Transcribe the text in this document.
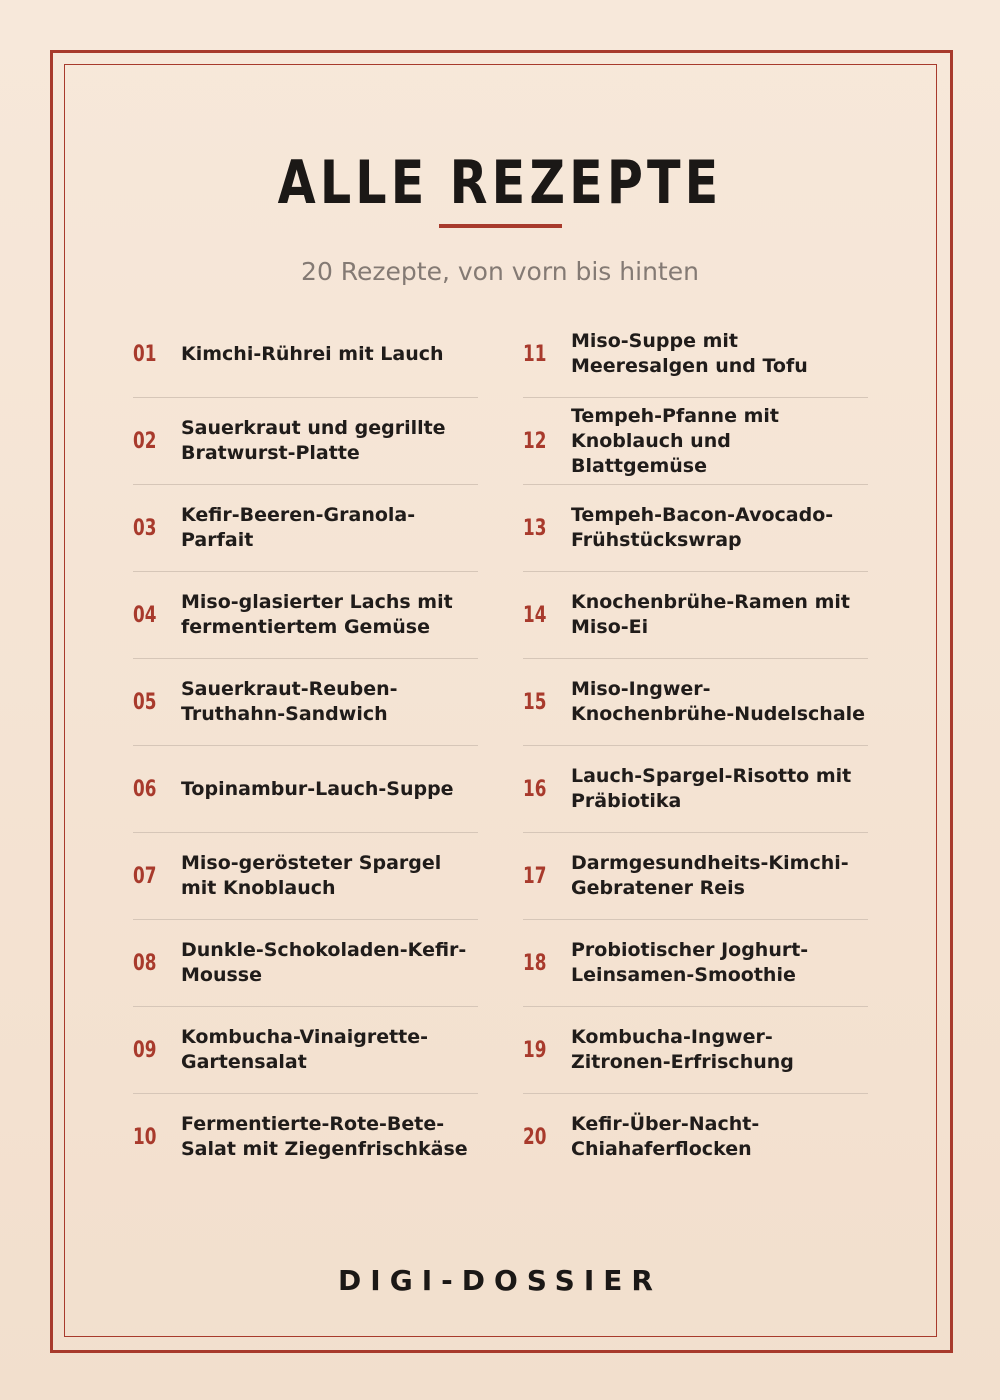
ALLE REZEPTE
20 Rezepte, von vorn bis hinten
01	Kimchi-Rührei mit Lauch
02
Sauerkraut und gegrillte Bratwurst-Platte
03
Kefir-Beeren-Granola-Parfait
04
Miso-glasierter Lachs mit fermentiertem Gemüse
05
Sauerkraut-Reuben-Truthahn-Sandwich
06	Topinambur-Lauch-Suppe
07
Miso-gerösteter Spargel mit Knoblauch
08
Dunkle-Schokoladen-Kefir-Mousse
09
Kombucha-Vinaigrette-Gartensalat
10
Fermentierte-Rote-Bete-Salat mit Ziegenfrischkäse
11
Miso-Suppe mit Meeresalgen und Tofu
12
Tempeh-Pfanne mit Knoblauch und Blattgemüse
13
Tempeh-Bacon-Avocado-Frühstückswrap
14
Knochenbrühe-Ramen mit Miso-Ei
15
Miso-Ingwer-Knochenbrühe-Nudelschale
16
Lauch-Spargel-Risotto mit Präbiotika
17
Darmgesundheits-Kimchi-Gebratener Reis
18
Probiotischer Joghurt-Leinsamen-Smoothie
19
Kombucha-Ingwer-Zitronen-Erfrischung
20
Kefir-Über-Nacht-Chiahaferflocken
DIGI-DOSSIER
